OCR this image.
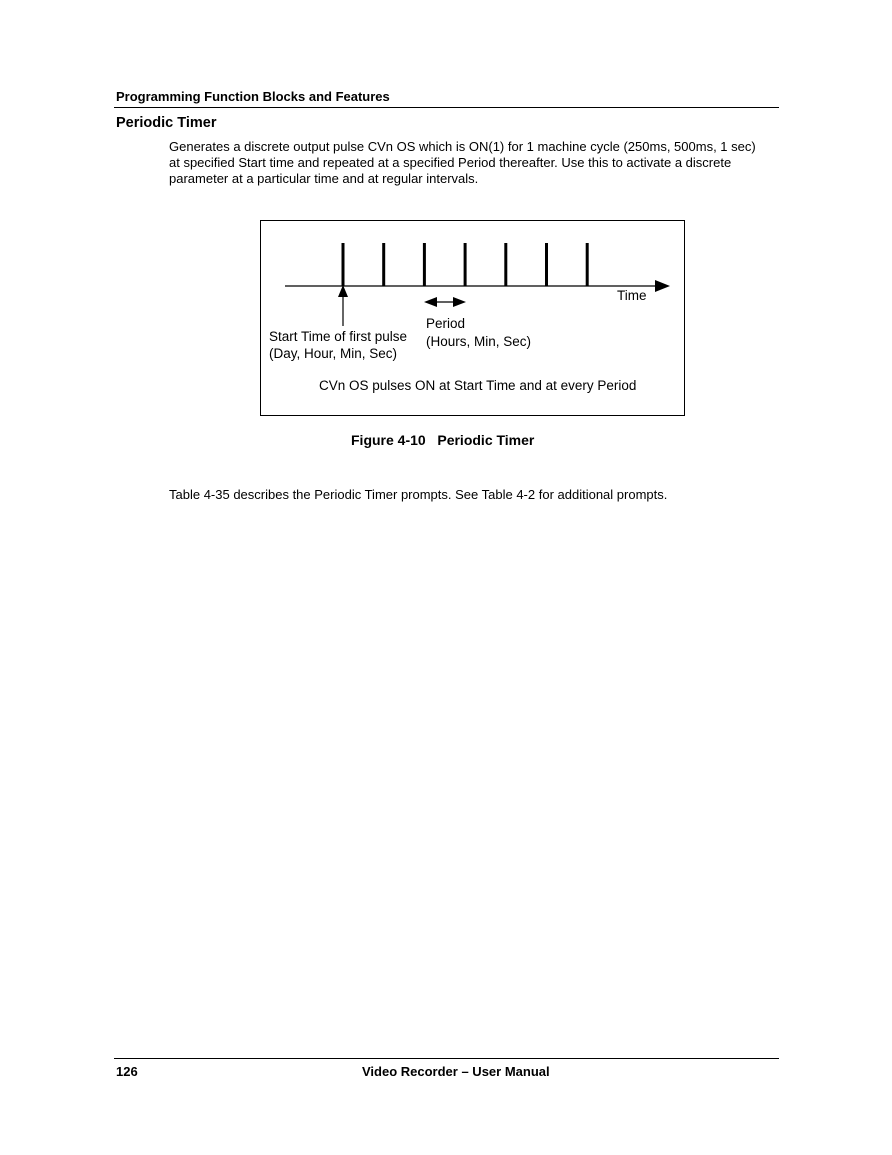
Programming Function Blocks and Features
Periodic Timer
Generates a discrete output pulse CVn OS which is ON(1) for 1 machine cycle (250ms, 500ms, 1 sec)
at specified Start time and repeated at a specified Period thereafter. Use this to activate a discrete
parameter at a particular time and at regular intervals.
Time
Start Time of first pulse
(Day, Hour, Min, Sec)
Period
(Hours, Min, Sec)
CVn OS pulses ON at Start Time and at every Period
Figure 4-10   Periodic Timer
Table 4-35 describes the Periodic Timer prompts. See Table 4-2 for additional prompts.
126	Video Recorder – User Manual
